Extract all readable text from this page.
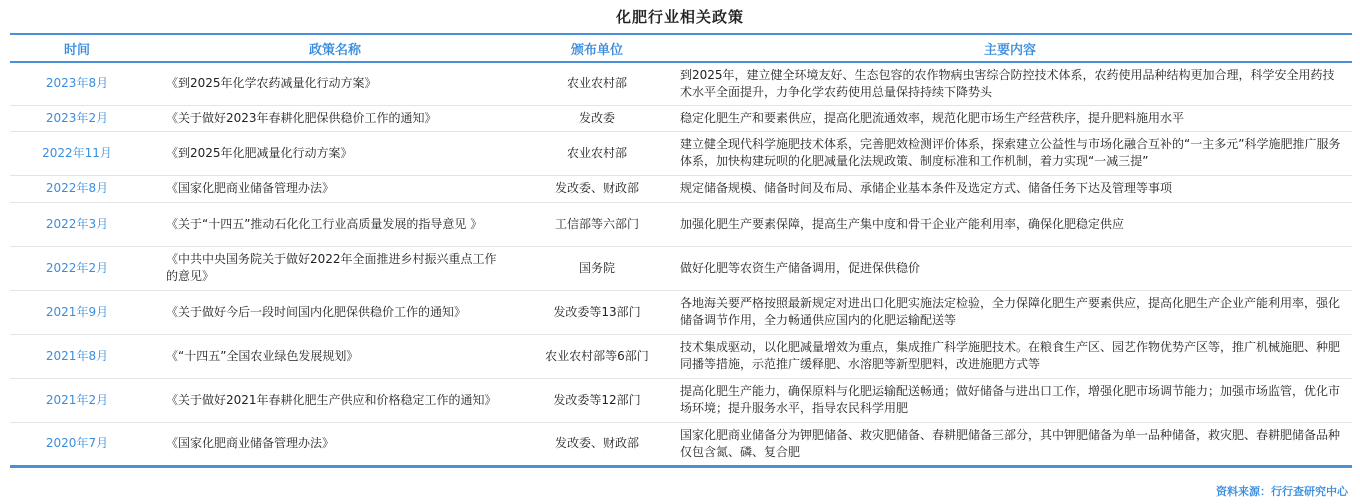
化肥行业相关政策
时间	政策名称	颁布单位	主要内容
2023年8月	《到2025年化学农药减量化行动方案》	农业农村部	到2025年，建立健全环境友好、生态包容的农作物病虫害综合防控技术体系，农药使用品种结构更加合理，科学安全用药技术水平全面提升，力争化学农药使用总量保持持续下降势头
2023年2月	《关于做好2023年春耕化肥保供稳价工作的通知》	发改委	稳定化肥生产和要素供应，提高化肥流通效率，规范化肥市场生产经营秩序，提升肥料施用水平
2022年11月	《到2025年化肥减量化行动方案》	农业农村部	建立健全现代科学施肥技术体系，完善肥效检测评价体系，探索建立公益性与市场化融合互补的“一主多元”科学施肥推广服务体系，加快构建玩呗的化肥减量化法规政策、制度标准和工作机制，着力实现“一减三提”
2022年8月	《国家化肥商业储备管理办法》	发改委、财政部	规定储备规模、储备时间及布局、承储企业基本条件及选定方式、储备任务下达及管理等事项
2022年3月	《关于“十四五”推动石化化工行业高质量发展的指导意见 》	工信部等六部门	加强化肥生产要素保障，提高生产集中度和骨干企业产能利用率，确保化肥稳定供应
2022年2月	《中共中央国务院关于做好2022年全面推进乡村振兴重点工作的意见》	国务院	做好化肥等农资生产储备调用，促进保供稳价
2021年9月	《关于做好今后一段时间国内化肥保供稳价工作的通知》	发改委等13部门	各地海关要严格按照最新规定对进出口化肥实施法定检验，全力保障化肥生产要素供应，提高化肥生产企业产能利用率，强化储备调节作用，全力畅通供应国内的化肥运输配送等
2021年8月	《“十四五”全国农业绿色发展规划》	农业农村部等6部门	技术集成驱动，以化肥减量增效为重点，集成推广科学施肥技术。在粮食生产区、园艺作物优势产区等，推广机械施肥、种肥同播等措施，示范推广缓释肥、水溶肥等新型肥料，改进施肥方式等
2021年2月	《关于做好2021年春耕化肥生产供应和价格稳定工作的通知》	发改委等12部门	提高化肥生产能力，确保原料与化肥运输配送畅通；做好储备与进出口工作，增强化肥市场调节能力；加强市场监管，优化市场环境；提升服务水平，指导农民科学用肥
2020年7月	《国家化肥商业储备管理办法》	发改委、财政部	国家化肥商业储备分为钾肥储备、救灾肥储备、春耕肥储备三部分，其中钾肥储备为单一品种储备，救灾肥、春耕肥储备品种仅包含氮、磷、复合肥
资料来源：行行查研究中心
